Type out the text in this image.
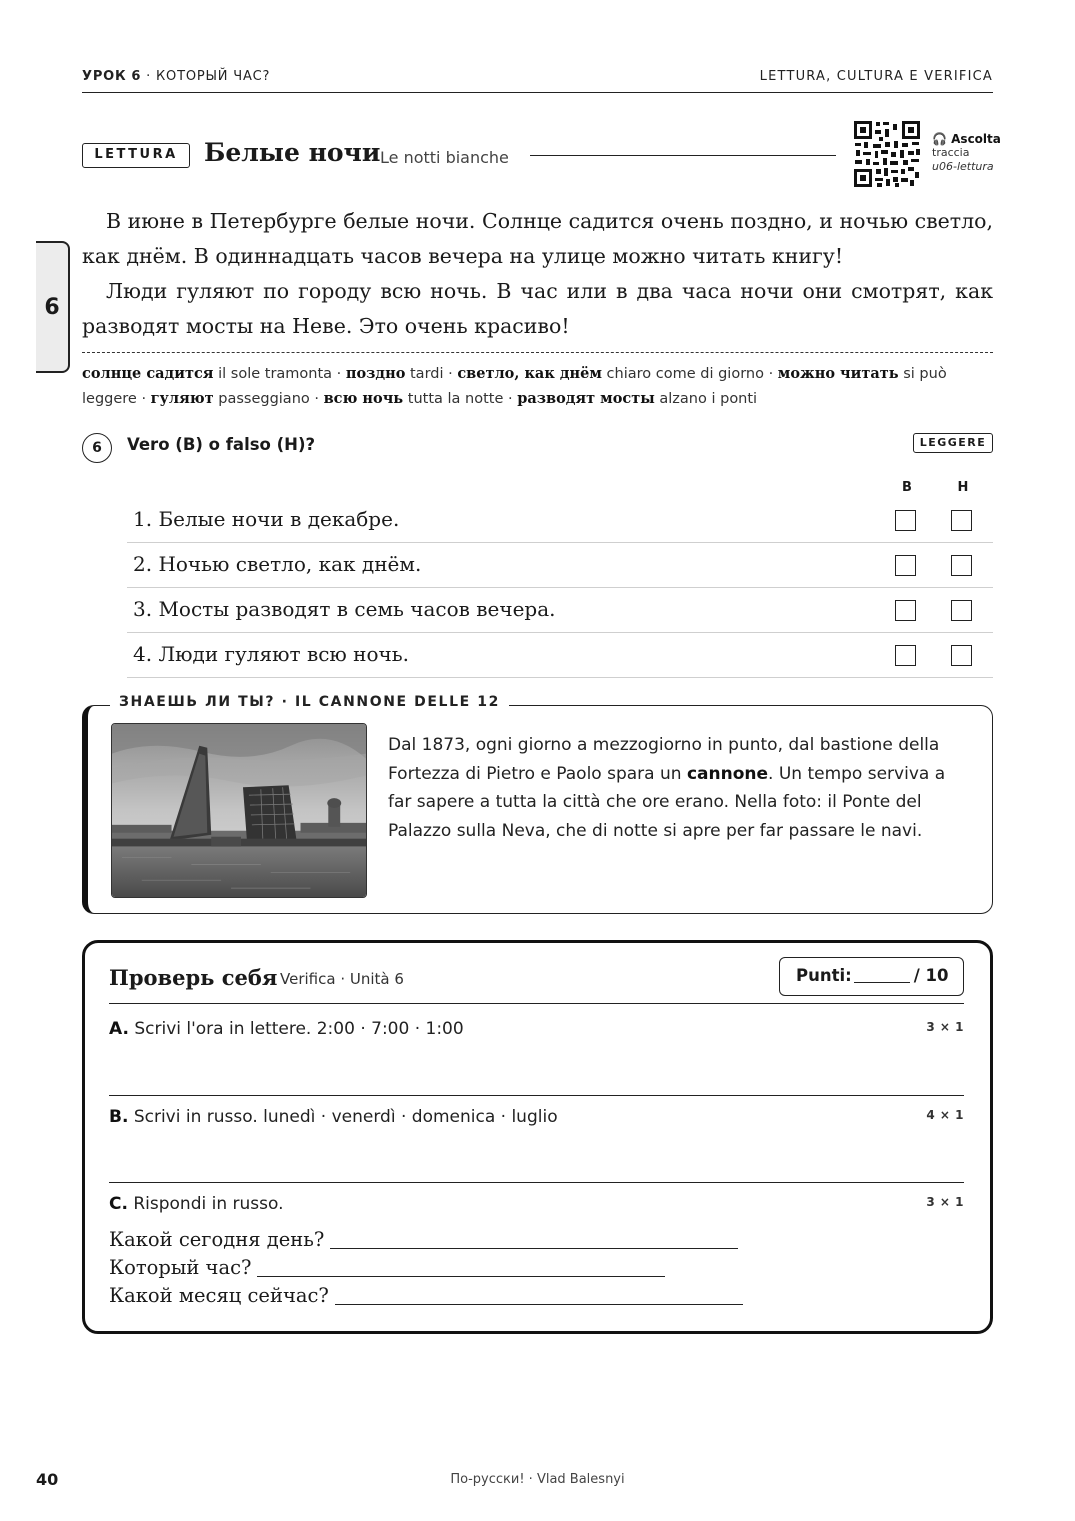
УРОК 6 · КОТОРЫЙ ЧАС?	LETTURA, CULTURA E VERIFICA
6
LETTURA	Белые ночи Le notti bianche
🎧 Ascolta
traccia
u06-lettura

В июне в Петербурге белые ночи. Солнце садится очень поздно, и ночью светло, как днём. В одиннадцать часов вечера на улице можно читать книгу!

Люди гуляют по городу всю ночь. В час или в два часа ночи они смотрят, как разводят мосты на Неве. Это очень красиво!

солнце садится il sole tramonta · поздно tardi · светло, как днём chiaro come di giorno · можно читать si può leggere · гуляют passeggiano · всю ночь tutta la notte · разводят мосты alzano i ponti
6	Vero (В) o falso (Н)?	LEGGERE
В	Н
1. Белые ночи в декабре.
2. Ночью светло, как днём.
3. Мосты разводят в семь часов вечера.
4. Люди гуляют всю ночь.
ЗНАЕШЬ ЛИ ТЫ? · IL CANNONE DELLE 12
Dal 1873, ogni giorno a mezzogiorno in punto, dal bastione della Fortezza di Pietro e Paolo spara un cannone. Un tempo serviva a far sapere a tutta la città che ore erano. Nella foto: il Ponte del Palazzo sulla Neva, che di notte si apre per far passare le navi.
Проверь себя Verifica · Unità 6	Punti:	/ 10
A. Scrivi l'ora in lettere. 2:00 · 7:00 · 1:00	3 × 1
B. Scrivi in russo. lunedì · venerdì · domenica · luglio	4 × 1
C. Rispondi in russo.	3 × 1
Какой сегодня день?
Который час?
Какой месяц сейчас?
40	По-русски! · Vlad Balesnyi
